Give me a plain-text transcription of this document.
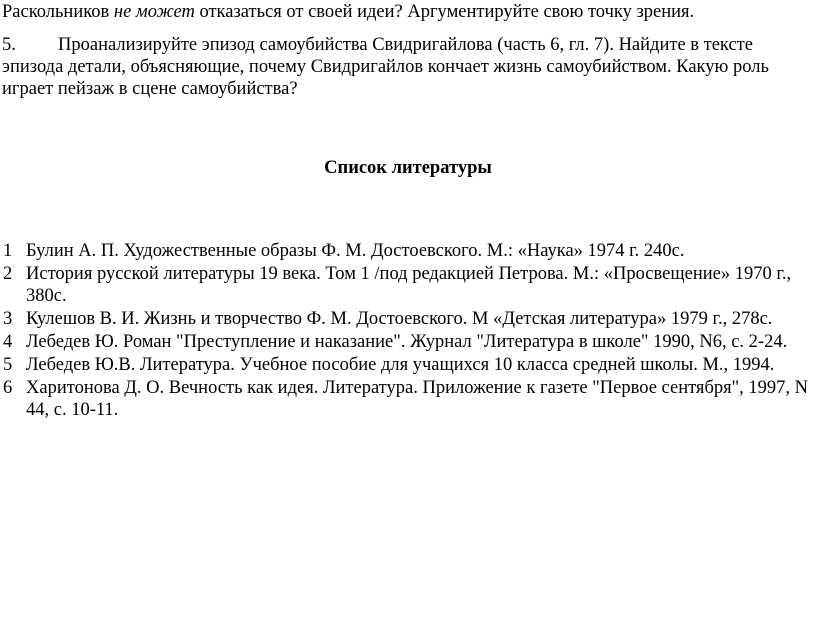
Раскольников не может отказаться от своей идеи? Аргументируйте свою точку зрения.
5. Проанализируйте эпизод самоубийства Свидригайлова (часть 6, гл. 7). Найдите в тексте эпизода детали, объясняющие, почему Свидригайлов кончает жизнь самоубийством. Какую роль играет пейзаж в сцене самоубийства?
Список литературы
1 Булин А. П. Художественные образы Ф. М. Достоевского. М.: «Наука» 1974 г. 240с.
2 История русской литературы 19 века. Том 1 /под редакцией Петрова. М.: «Просвещение» 1970 г., 380с.
3 Кулешов В. И. Жизнь и творчество Ф. М. Достоевского. М «Детская литература» 1979 г., 278с.
4 Лебедев Ю. Роман "Преступление и наказание". Журнал "Литература в школе" 1990, N6, с. 2-24.
5 Лебедев Ю.В. Литература. Учебное пособие для учащихся 10 класса средней школы. М., 1994.
6 Харитонова Д. О. Вечность как идея. Литература. Приложение к газете "Первое сентября", 1997, N 44, с. 10-11.
